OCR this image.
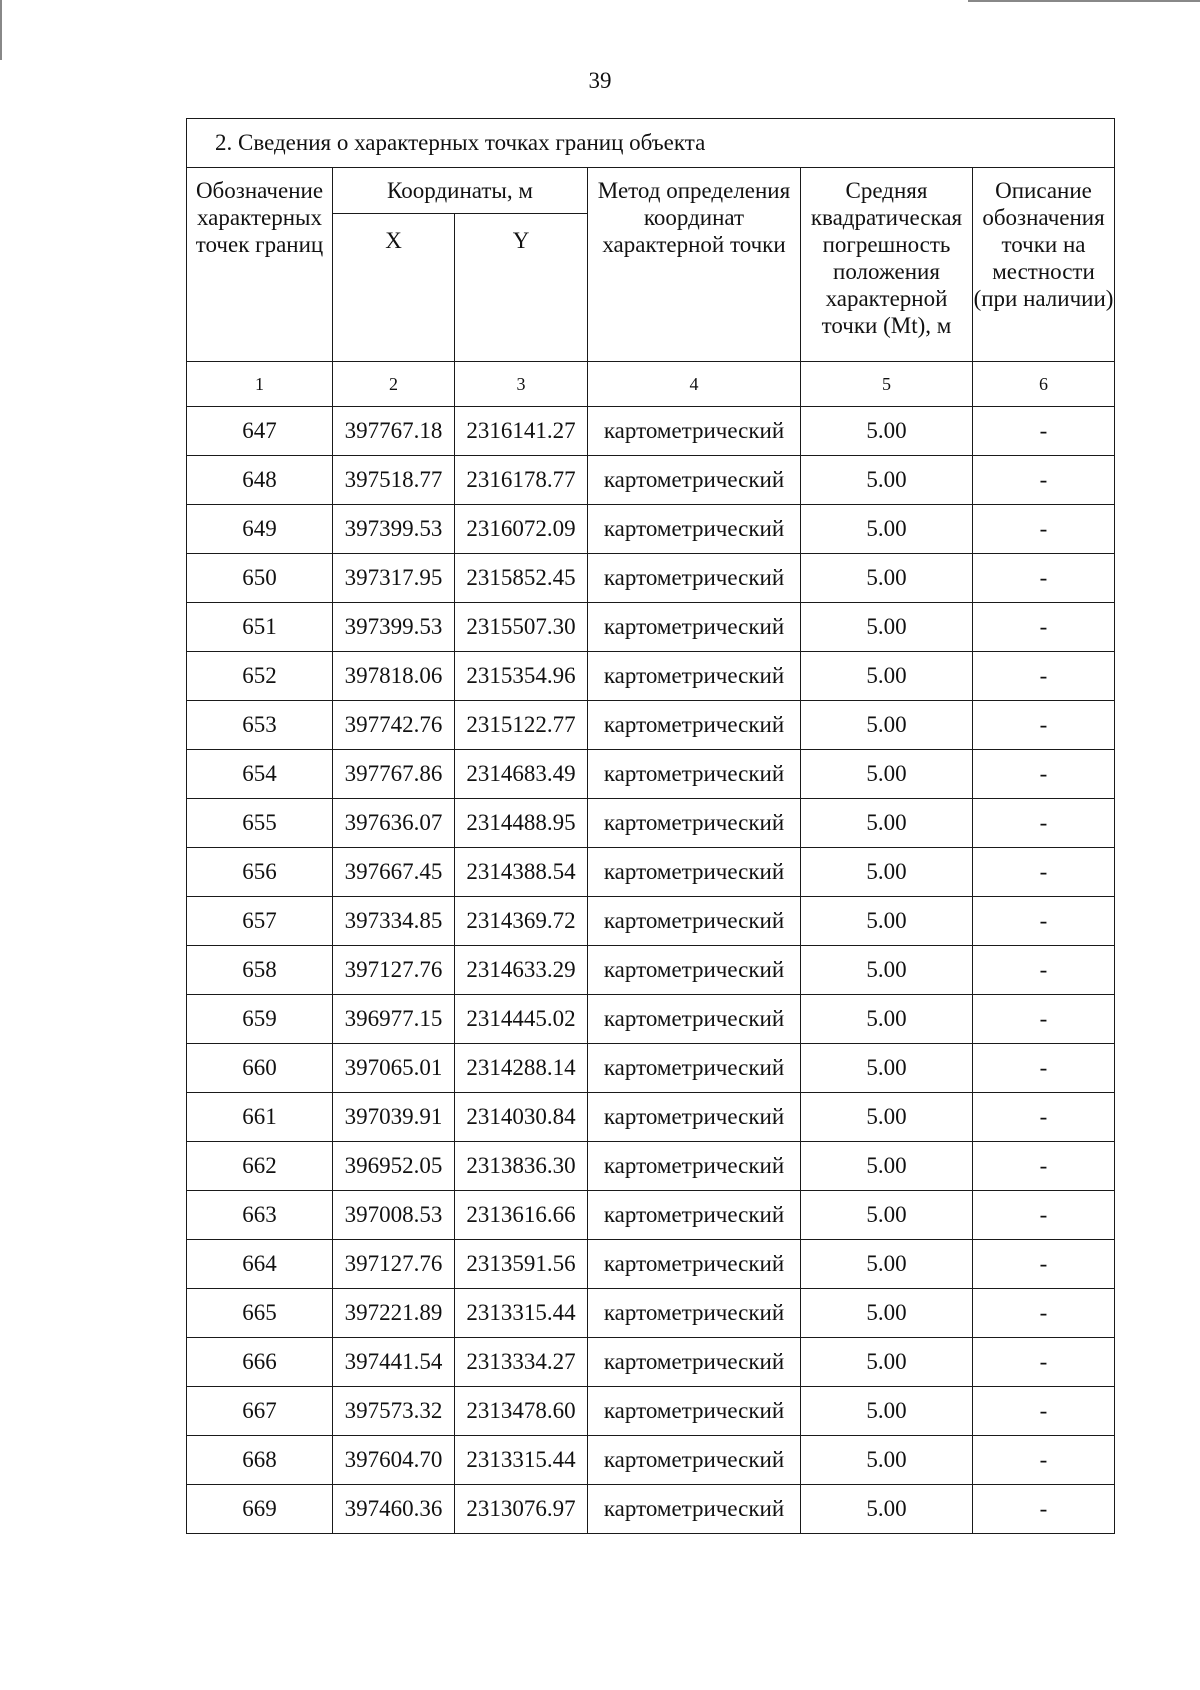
39
2. Сведения о характерных точках границ объекта					
Обозначение характерных точек границ	Координаты, м		Метод определения координат характерной точки	Средняя квадратическая погрешность положения характерной точки (Mt), м	Описание обозначения точки на местности (при наличии)
	X	Y			
1	2	3	4	5	6
647	397767.18	2316141.27	картометрический	5.00	-
648	397518.77	2316178.77	картометрический	5.00	-
649	397399.53	2316072.09	картометрический	5.00	-
650	397317.95	2315852.45	картометрический	5.00	-
651	397399.53	2315507.30	картометрический	5.00	-
652	397818.06	2315354.96	картометрический	5.00	-
653	397742.76	2315122.77	картометрический	5.00	-
654	397767.86	2314683.49	картометрический	5.00	-
655	397636.07	2314488.95	картометрический	5.00	-
656	397667.45	2314388.54	картометрический	5.00	-
657	397334.85	2314369.72	картометрический	5.00	-
658	397127.76	2314633.29	картометрический	5.00	-
659	396977.15	2314445.02	картометрический	5.00	-
660	397065.01	2314288.14	картометрический	5.00	-
661	397039.91	2314030.84	картометрический	5.00	-
662	396952.05	2313836.30	картометрический	5.00	-
663	397008.53	2313616.66	картометрический	5.00	-
664	397127.76	2313591.56	картометрический	5.00	-
665	397221.89	2313315.44	картометрический	5.00	-
666	397441.54	2313334.27	картометрический	5.00	-
667	397573.32	2313478.60	картометрический	5.00	-
668	397604.70	2313315.44	картометрический	5.00	-
669	397460.36	2313076.97	картометрический	5.00	-
